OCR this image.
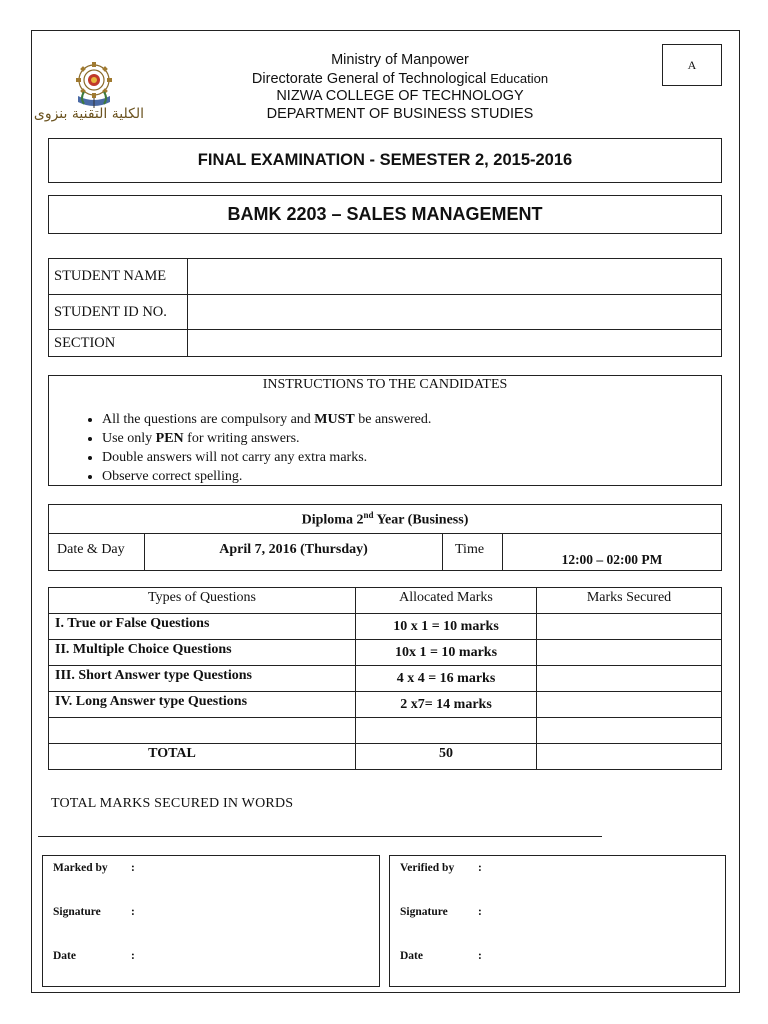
الكلية التقنية بنزوى
Ministry of Manpower
Directorate General of Technological Education
NIZWA COLLEGE OF TECHNOLOGY
DEPARTMENT OF BUSINESS STUDIES
A
FINAL EXAMINATION - SEMESTER 2, 2015-2016
BAMK 2203 – SALES MANAGEMENT
STUDENT NAME	
STUDENT ID NO.	
SECTION	
INSTRUCTIONS TO THE CANDIDATES
• All the questions are compulsory and MUST be answered.
• Use only PEN for writing answers.
• Double answers will not carry any extra marks.
• Observe correct spelling.
Diploma 2nd Year (Business)
Date & Day	April 7, 2016 (Thursday)	Time	12:00 – 02:00 PM
Types of Questions	Allocated Marks	Marks Secured
I. True or False Questions	10 x 1 = 10 marks	
II. Multiple Choice Questions	10x 1 = 10 marks	
III. Short Answer type Questions	4 x 4 = 16 marks	
IV. Long Answer type Questions	2 x7= 14 marks	

TOTAL	50	
TOTAL MARKS SECURED IN WORDS
Marked by :
Signature	:
Date	:
Verified by :
Signature	:
Date	:
